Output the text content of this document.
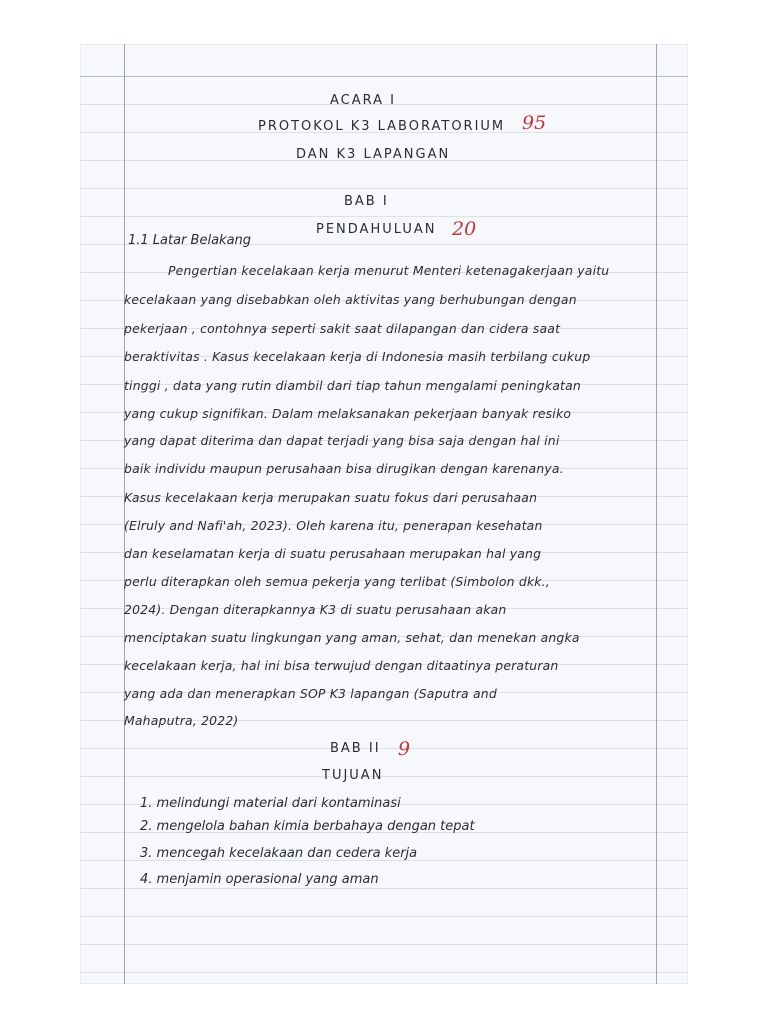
ACARA I
PROTOKOL K3 LABORATORIUM
DAN K3 LAPANGAN
95
BAB I
PENDAHULUAN 20
1.1 Latar Belakang
Pengertian kecelakaan kerja menurut Menteri ketenagakerjaan yaitu
kecelakaan yang disebabkan oleh aktivitas yang berhubungan dengan
pekerjaan , contohnya seperti sakit saat dilapangan dan cidera saat
beraktivitas . Kasus kecelakaan kerja di Indonesia masih terbilang cukup
tinggi , data yang rutin diambil dari tiap tahun mengalami peningkatan
yang cukup signifikan. Dalam melaksanakan pekerjaan banyak resiko
yang dapat diterima dan dapat terjadi yang bisa saja dengan hal ini
baik individu maupun perusahaan bisa dirugikan dengan karenanya.
Kasus kecelakaan kerja merupakan suatu fokus dari perusahaan
(Elruly and Nafi'ah, 2023). Oleh karena itu, penerapan kesehatan
dan keselamatan kerja di suatu perusahaan merupakan hal yang
perlu diterapkan oleh semua pekerja yang terlibat (Simbolon dkk.,
2024). Dengan diterapkannya K3 di suatu perusahaan akan
menciptakan suatu lingkungan yang aman, sehat, dan menekan angka
kecelakaan kerja, hal ini bisa terwujud dengan ditaatinya peraturan
yang ada dan menerapkan SOP K3 lapangan (Saputra and
Mahaputra, 2022)
BAB II
TUJUAN
9
1. melindungi material dari kontaminasi
2. mengelola bahan kimia berbahaya dengan tepat
3. mencegah kecelakaan dan cedera kerja
4. menjamin operasional yang aman
